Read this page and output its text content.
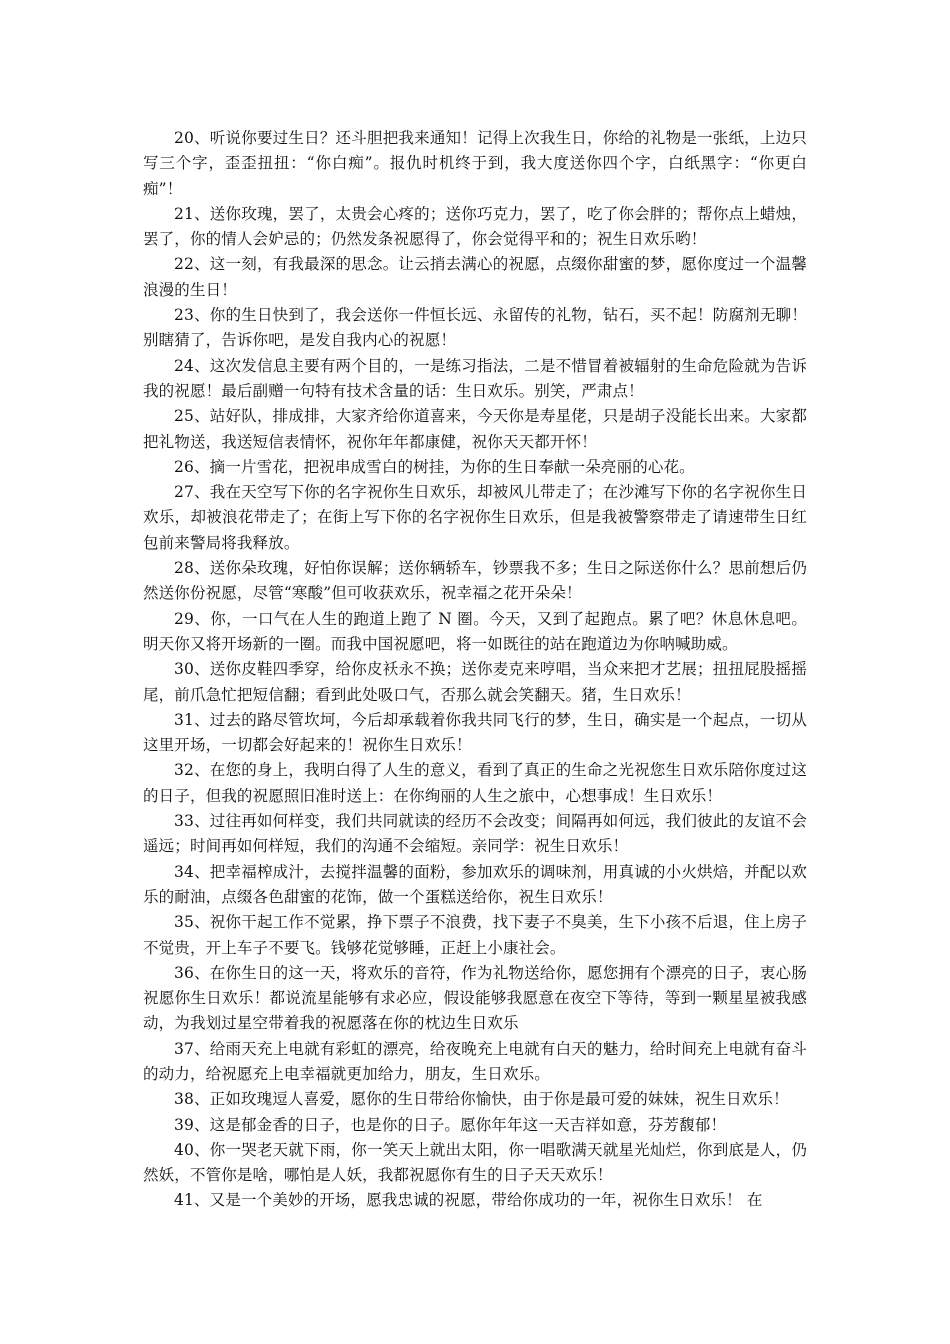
20、听说你要过生日？还斗胆把我来通知！记得上次我生日，你给的礼物是一张纸，上边只写三个字，歪歪扭扭：“你白痴”。报仇时机终于到，我大度送你四个字，白纸黑字：“你更白痴”！

21、送你玫瑰，罢了，太贵会心疼的；送你巧克力，罢了，吃了你会胖的；帮你点上蜡烛，罢了，你的情人会妒忌的；仍然发条祝愿得了，你会觉得平和的；祝生日欢乐哟！

22、这一刻，有我最深的思念。让云捎去满心的祝愿，点缀你甜蜜的梦，愿你度过一个温馨浪漫的生日！

23、你的生日快到了，我会送你一件恒长远、永留传的礼物，钻石，买不起！防腐剂无聊！别瞎猜了，告诉你吧，是发自我内心的祝愿！

24、这次发信息主要有两个目的，一是练习指法，二是不惜冒着被辐射的生命危险就为告诉我的祝愿！最后副赠一句特有技术含量的话：生日欢乐。别笑，严肃点！

25、站好队，排成排，大家齐给你道喜来，今天你是寿星佬，只是胡子没能长出来。大家都把礼物送，我送短信表情怀，祝你年年都康健，祝你天天都开怀！

26、摘一片雪花，把祝串成雪白的树挂，为你的生日奉献一朵亮丽的心花。

27、我在天空写下你的名字祝你生日欢乐，却被风儿带走了；在沙滩写下你的名字祝你生日欢乐，却被浪花带走了；在街上写下你的名字祝你生日欢乐，但是我被警察带走了请速带生日红包前来警局将我释放。

28、送你朵玫瑰，好怕你误解；送你辆轿车，钞票我不多；生日之际送你什么？思前想后仍然送你份祝愿，尽管“寒酸”但可收获欢乐，祝幸福之花开朵朵！

29、你，一口气在人生的跑道上跑了 N 圈。今天，又到了起跑点。累了吧？休息休息吧。明天你又将开场新的一圈。而我中国祝愿吧，将一如既往的站在跑道边为你呐喊助威。

30、送你皮鞋四季穿，给你皮袄永不换；送你麦克来哼唱，当众来把才艺展；扭扭屁股摇摇尾，前爪急忙把短信翻；看到此处吸口气，否那么就会笑翻天。猪，生日欢乐！

31、过去的路尽管坎坷，今后却承载着你我共同飞行的梦，生日，确实是一个起点，一切从这里开场，一切都会好起来的！祝你生日欢乐！

32、在您的身上，我明白得了人生的意义，看到了真正的生命之光祝您生日欢乐陪你度过这的日子，但我的祝愿照旧准时送上：在你绚丽的人生之旅中，心想事成！生日欢乐！

33、过往再如何样变，我们共同就读的经历不会改变；间隔再如何远，我们彼此的友谊不会遥远；时间再如何样短，我们的沟通不会缩短。亲同学：祝生日欢乐！

34、把幸福榨成汁，去搅拌温馨的面粉，参加欢乐的调味剂，用真诚的小火烘焙，并配以欢乐的耐油，点缀各色甜蜜的花饰，做一个蛋糕送给你，祝生日欢乐！

35、祝你干起工作不觉累，挣下票子不浪费，找下妻子不臭美，生下小孩不后退，住上房子不觉贵，开上车子不要飞。钱够花觉够睡，正赶上小康社会。

36、在你生日的这一天，将欢乐的音符，作为礼物送给你，愿您拥有个漂亮的日子，衷心肠祝愿你生日欢乐！都说流星能够有求必应，假设能够我愿意在夜空下等待，等到一颗星星被我感动，为我划过星空带着我的祝愿落在你的枕边生日欢乐

37、给雨天充上电就有彩虹的漂亮，给夜晚充上电就有白天的魅力，给时间充上电就有奋斗的动力，给祝愿充上电幸福就更加给力，朋友，生日欢乐。

38、正如玫瑰逗人喜爱，愿你的生日带给你愉快，由于你是最可爱的妹妹，祝生日欢乐！

39、这是郁金香的日子，也是你的日子。愿你年年这一天吉祥如意，芬芳馥郁！

40、你一哭老天就下雨，你一笑天上就出太阳，你一唱歌满天就星光灿烂，你到底是人，仍然妖，不管你是啥，哪怕是人妖，我都祝愿你有生的日子天天欢乐！

41、又是一个美妙的开场，愿我忠诚的祝愿，带给你成功的一年，祝你生日欢乐！ 在
